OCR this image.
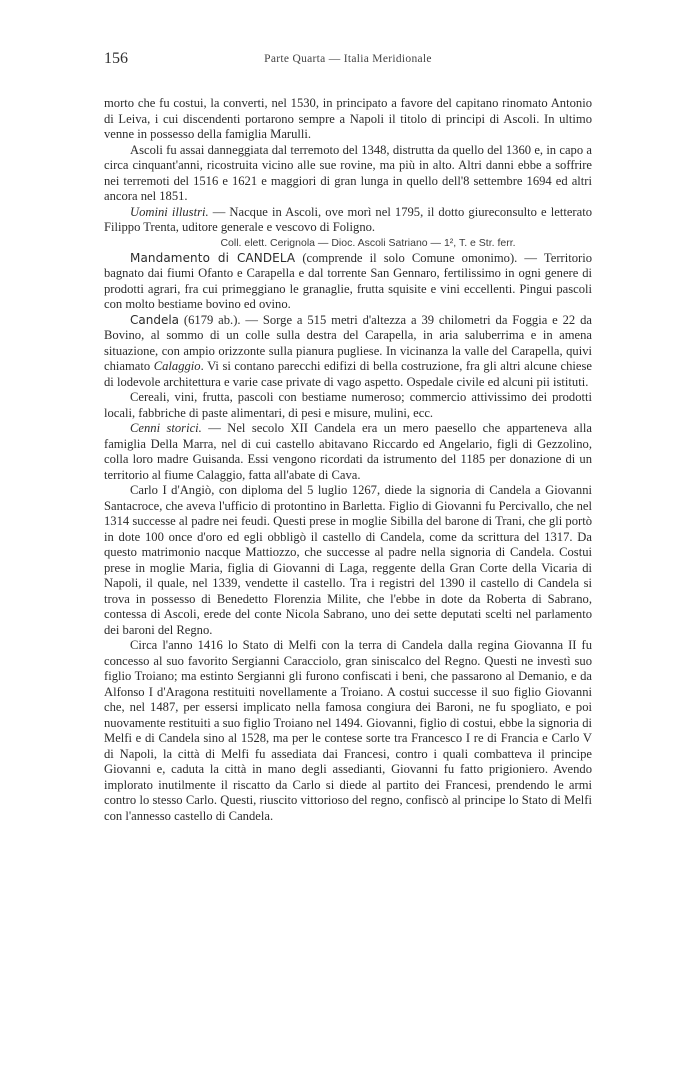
156	Parte Quarta — Italia Meridionale

morto che fu costui, la converti, nel 1530, in principato a favore del capitano rinomato Antonio di Leiva, i cui discendenti portarono sempre a Napoli il titolo di principi di Ascoli. In ultimo venne in possesso della famiglia Marulli.

Ascoli fu assai danneggiata dal terremoto del 1348, distrutta da quello del 1360 e, in capo a circa cinquant'anni, ricostruita vicino alle sue rovine, ma più in alto. Altri danni ebbe a soffrire nei terremoti del 1516 e 1621 e maggiori di gran lunga in quello dell'8 settembre 1694 ed altri ancora nel 1851.

Uomini illustri. — Nacque in Ascoli, ove morì nel 1795, il dotto giureconsulto e letterato Filippo Trenta, uditore generale e vescovo di Foligno.

Coll. elett. Cerignola — Dioc. Ascoli Satriano — 1², T. e Str. ferr.

Mandamento di CANDELA (comprende il solo Comune omonimo). — Territorio bagnato dai fiumi Ofanto e Carapella e dal torrente San Gennaro, fertilissimo in ogni genere di prodotti agrari, fra cui primeggiano le granaglie, frutta squisite e vini eccellenti. Pingui pascoli con molto bestiame bovino ed ovino.

Candela (6179 ab.). — Sorge a 515 metri d'altezza a 39 chilometri da Foggia e 22 da Bovino, al sommo di un colle sulla destra del Carapella, in aria saluberrima e in amena situazione, con ampio orizzonte sulla pianura pugliese. In vicinanza la valle del Carapella, quivi chiamato Calaggio. Vi si contano parecchi edifizi di bella costruzione, fra gli altri alcune chiese di lodevole architettura e varie case private di vago aspetto. Ospedale civile ed alcuni pii istituti.

Cereali, vini, frutta, pascoli con bestiame numeroso; commercio attivissimo dei prodotti locali, fabbriche di paste alimentari, di pesi e misure, mulini, ecc.

Cenni storici. — Nel secolo XII Candela era un mero paesello che apparteneva alla famiglia Della Marra, nel di cui castello abitavano Riccardo ed Angelario, figli di Gezzolino, colla loro madre Guisanda. Essi vengono ricordati da istrumento del 1185 per donazione di un territorio al fiume Calaggio, fatta all'abate di Cava.

Carlo I d'Angiò, con diploma del 5 luglio 1267, diede la signoria di Candela a Giovanni Santacroce, che aveva l'ufficio di protontino in Barletta. Figlio di Giovanni fu Percivallo, che nel 1314 successe al padre nei feudi. Questi prese in moglie Sibilla del barone di Trani, che gli portò in dote 100 once d'oro ed egli obbligò il castello di Candela, come da scrittura del 1317. Da questo matrimonio nacque Mattiozzo, che successe al padre nella signoria di Candela. Costui prese in moglie Maria, figlia di Giovanni di Laga, reggente della Gran Corte della Vicaria di Napoli, il quale, nel 1339, vendette il castello. Tra i registri del 1390 il castello di Candela si trova in possesso di Benedetto Florenzia Milite, che l'ebbe in dote da Roberta di Sabrano, contessa di Ascoli, erede del conte Nicola Sabrano, uno dei sette deputati scelti nel parlamento dei baroni del Regno.

Circa l'anno 1416 lo Stato di Melfi con la terra di Candela dalla regina Giovanna II fu concesso al suo favorito Sergianni Caracciolo, gran siniscalco del Regno. Questi ne investì suo figlio Troiano; ma estinto Sergianni gli furono confiscati i beni, che passarono al Demanio, e da Alfonso I d'Aragona restituiti novellamente a Troiano. A costui successe il suo figlio Giovanni che, nel 1487, per essersi implicato nella famosa congiura dei Baroni, ne fu spogliato, e poi nuovamente restituiti a suo figlio Troiano nel 1494. Giovanni, figlio di costui, ebbe la signoria di Melfi e di Candela sino al 1528, ma per le contese sorte tra Francesco I re di Francia e Carlo V di Napoli, la città di Melfi fu assediata dai Francesi, contro i quali combatteva il principe Giovanni e, caduta la città in mano degli assedianti, Giovanni fu fatto prigioniero. Avendo implorato inutilmente il riscatto da Carlo si diede al partito dei Francesi, prendendo le armi contro lo stesso Carlo. Questi, riuscito vittorioso del regno, confiscò al principe lo Stato di Melfi con l'annesso castello di Candela.
